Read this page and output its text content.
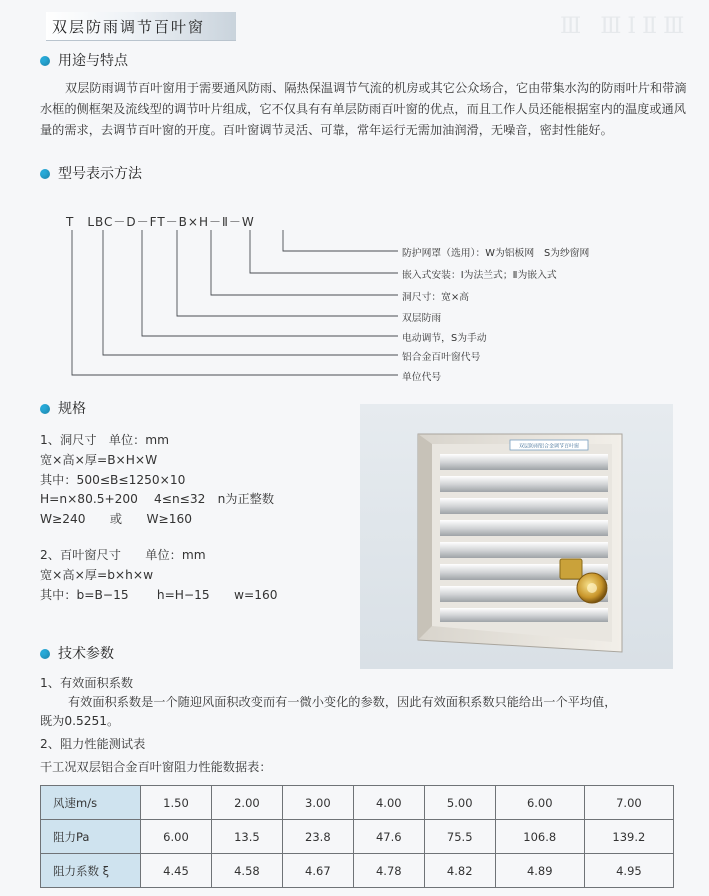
双层防雨调节百叶窗	Ⅲ ⅢⅠⅡⅢ
用途与特点
双层防雨调节百叶窗用于需要通风防雨、隔热保温调节气流的机房或其它公众场合，它由带集水沟的防雨叶片和带滴水框的侧框架及流线型的调节叶片组成，它不仅具有有单层防雨百叶窗的优点，而且工作人员还能根据室内的温度或通风量的需求，去调节百叶窗的开度。百叶窗调节灵活、可靠，常年运行无需加油润滑，无噪音，密封性能好。
型号表示方法
T　LBC－D－FT－B×H－Ⅱ－W
防护网罩（选用）：W为铝板网　S为纱窗网
嵌入式安装：Ⅰ为法兰式；Ⅱ为嵌入式
洞尺寸：宽×高
双层防雨
电动调节，S为手动
铝合金百叶窗代号
单位代号
规格
1、洞尺寸　单位：mm
宽×高×厚=B×H×W
其中：500≤B≤1250×10
H=n×80.5+200　 4≤n≤32　n为正整数
W≥240　　或　　W≥160
2、百叶窗尺寸　　单位：mm
宽×高×厚=b×h×w
其中：b=B−15　　 h=H−15　　w=160
双层防雨铝合金调节百叶窗
技术参数
1、有效面积系数
有效面积系数是一个随迎风面积改变而有一微小变化的参数，因此有效面积系数只能给出一个平均值，
既为0.5251。
2、阻力性能测试表
干工况双层铝合金百叶窗阻力性能数据表：
风速m/s	1.50	2.00	3.00	4.00	5.00	6.00	7.00
阻力Pa	6.00	13.5	23.8	47.6	75.5	106.8	139.2
阻力系数 ξ	4.45	4.58	4.67	4.78	4.82	4.89	4.95
